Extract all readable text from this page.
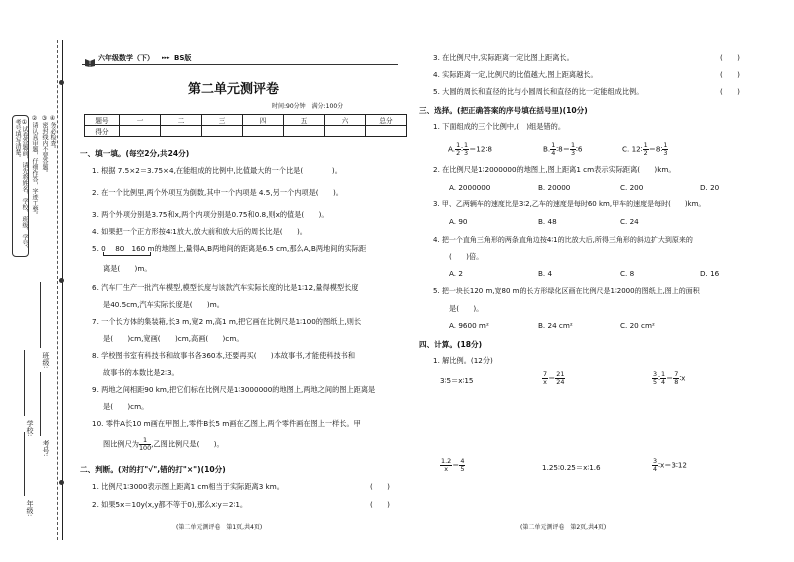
①试卷答题前，请先将姓名、学校、班级、学号、考号填写清楚。	②请认真审题，仔细作答，字迹工整。 ③密封线内不要答题。 ④务必检查。
班级:
学校:
考号:
年级:
六年级数学（下） ▸▸▸ BS版
第二单元测评卷
时间:90分钟　满分:100分
题号	一	二	三	四	五	六	总分
得分							
一、填一填。(每空2分,共24分)
1. 根据 7.5×2＝3.75×4,在能组成的比例中,比值最大的一个比是(　　　　)。
2. 在一个比例里,两个外项互为倒数,其中一个内项是 4.5,另一个内项是(　　)。
3. 两个外项分别是3.75和x,两个内项分别是0.75和0.8,则x的值是(　　)。
4. 如果把一个正方形按4∶1放大,放大前和放大后的周长比是(　　)。
5. 0　 80　160 m的地图上,量得A,B两地间的距离是6.5 cm,那么A,B两地间的实际距
离是(　　)m。
6. 汽车厂生产一批汽车模型,模型长度与该款汽车实际长度的比是1∶12,量得模型长度
是40.5cm,汽车实际长度是(　　)m。
7. 一个长方体的集装箱,长3 m,宽2 m,高1 m,把它画在比例尺是1∶100的图纸上,则长
是(　　)cm,宽画(　　)cm,高画(　　)cm。
8. 学校图书室有科技书和故事书各360本,还要再买(　　)本故事书,才能使科技书和
故事书的本数比是2∶3。
9. 两地之间相距90 km,把它们标在比例尺是1∶3000000的地图上,两地之间的图上距离是
是(　　)cm。
10. 零件A长10 m画在甲图上,零件B长5 m画在乙图上,两个零件画在图上一样长。甲
图比例尺为 $\frac{1}{100}$ ,乙图比例尺是(　　)。
二、判断。(对的打"√",错的打"×")(10分)
1. 比例尺1∶3000表示图上距离1 cm相当于实际距离3 km。	(　　)
2. 如果5x＝10y(x,y都不等于0),那么x∶y＝2∶1。	(　　)
(第二单元测评卷　第1页,共4页)
3. 在比例尺中,实际距离一定比图上距离长。	(　　)
4. 实际距离一定,比例尺的比值越大,图上距离越长。	(　　)
5. 大圆的周长和直径的比与小圆周长和直径的比一定能组成比例。	(　　)
三、选择。(把正确答案的序号填在括号里)(10分)
1. 下面组成的三个比例中,(　)组是错的。
A. $\frac{1}{2}$ ∶ $\frac{1}{3}$ ＝12∶8	B. $\frac{1}{4}$ ∶8＝ $\frac{1}{3}$ ∶6	C. 12∶ $\frac{1}{2}$ ＝8∶ $\frac{1}{3}$
2. 在比例尺是1∶2000000的地图上,图上距离1 cm表示实际距离(　　)km。
A. 2000000	B. 20000	C. 200	D. 20
3. 甲、乙两辆车的速度比是3∶2,乙车的速度是每时60 km,甲车的速度是每时(　　)km。
A. 90	B. 48	C. 24
4. 把一个直角三角形的两条直角边按4∶1的比放大后,所得三角形的斜边扩大到原来的
(　　)倍。
A. 2	B. 4	C. 8	D. 16
5. 把一块长120 m,宽80 m的长方形绿化区画在比例尺是1∶2000的图纸上,图上的面积
是(　　)。
A. 9600 m²	B. 24 cm²	C. 20 cm²
四、计算。(18分)
1. 解比例。(12分)
3∶5＝x∶15	$\frac{7}{x} = \frac{21}{24}$	$\frac{3}{5}$ ∶ $\frac{1}{4} = \frac{7}{8}$ ∶x
$\frac{1.2}{x} = \frac{4}{5}$	1.25∶0.25＝x∶1.6	$\frac{3}{4}$ ∶x＝3∶12
(第二单元测评卷　第2页,共4页)
